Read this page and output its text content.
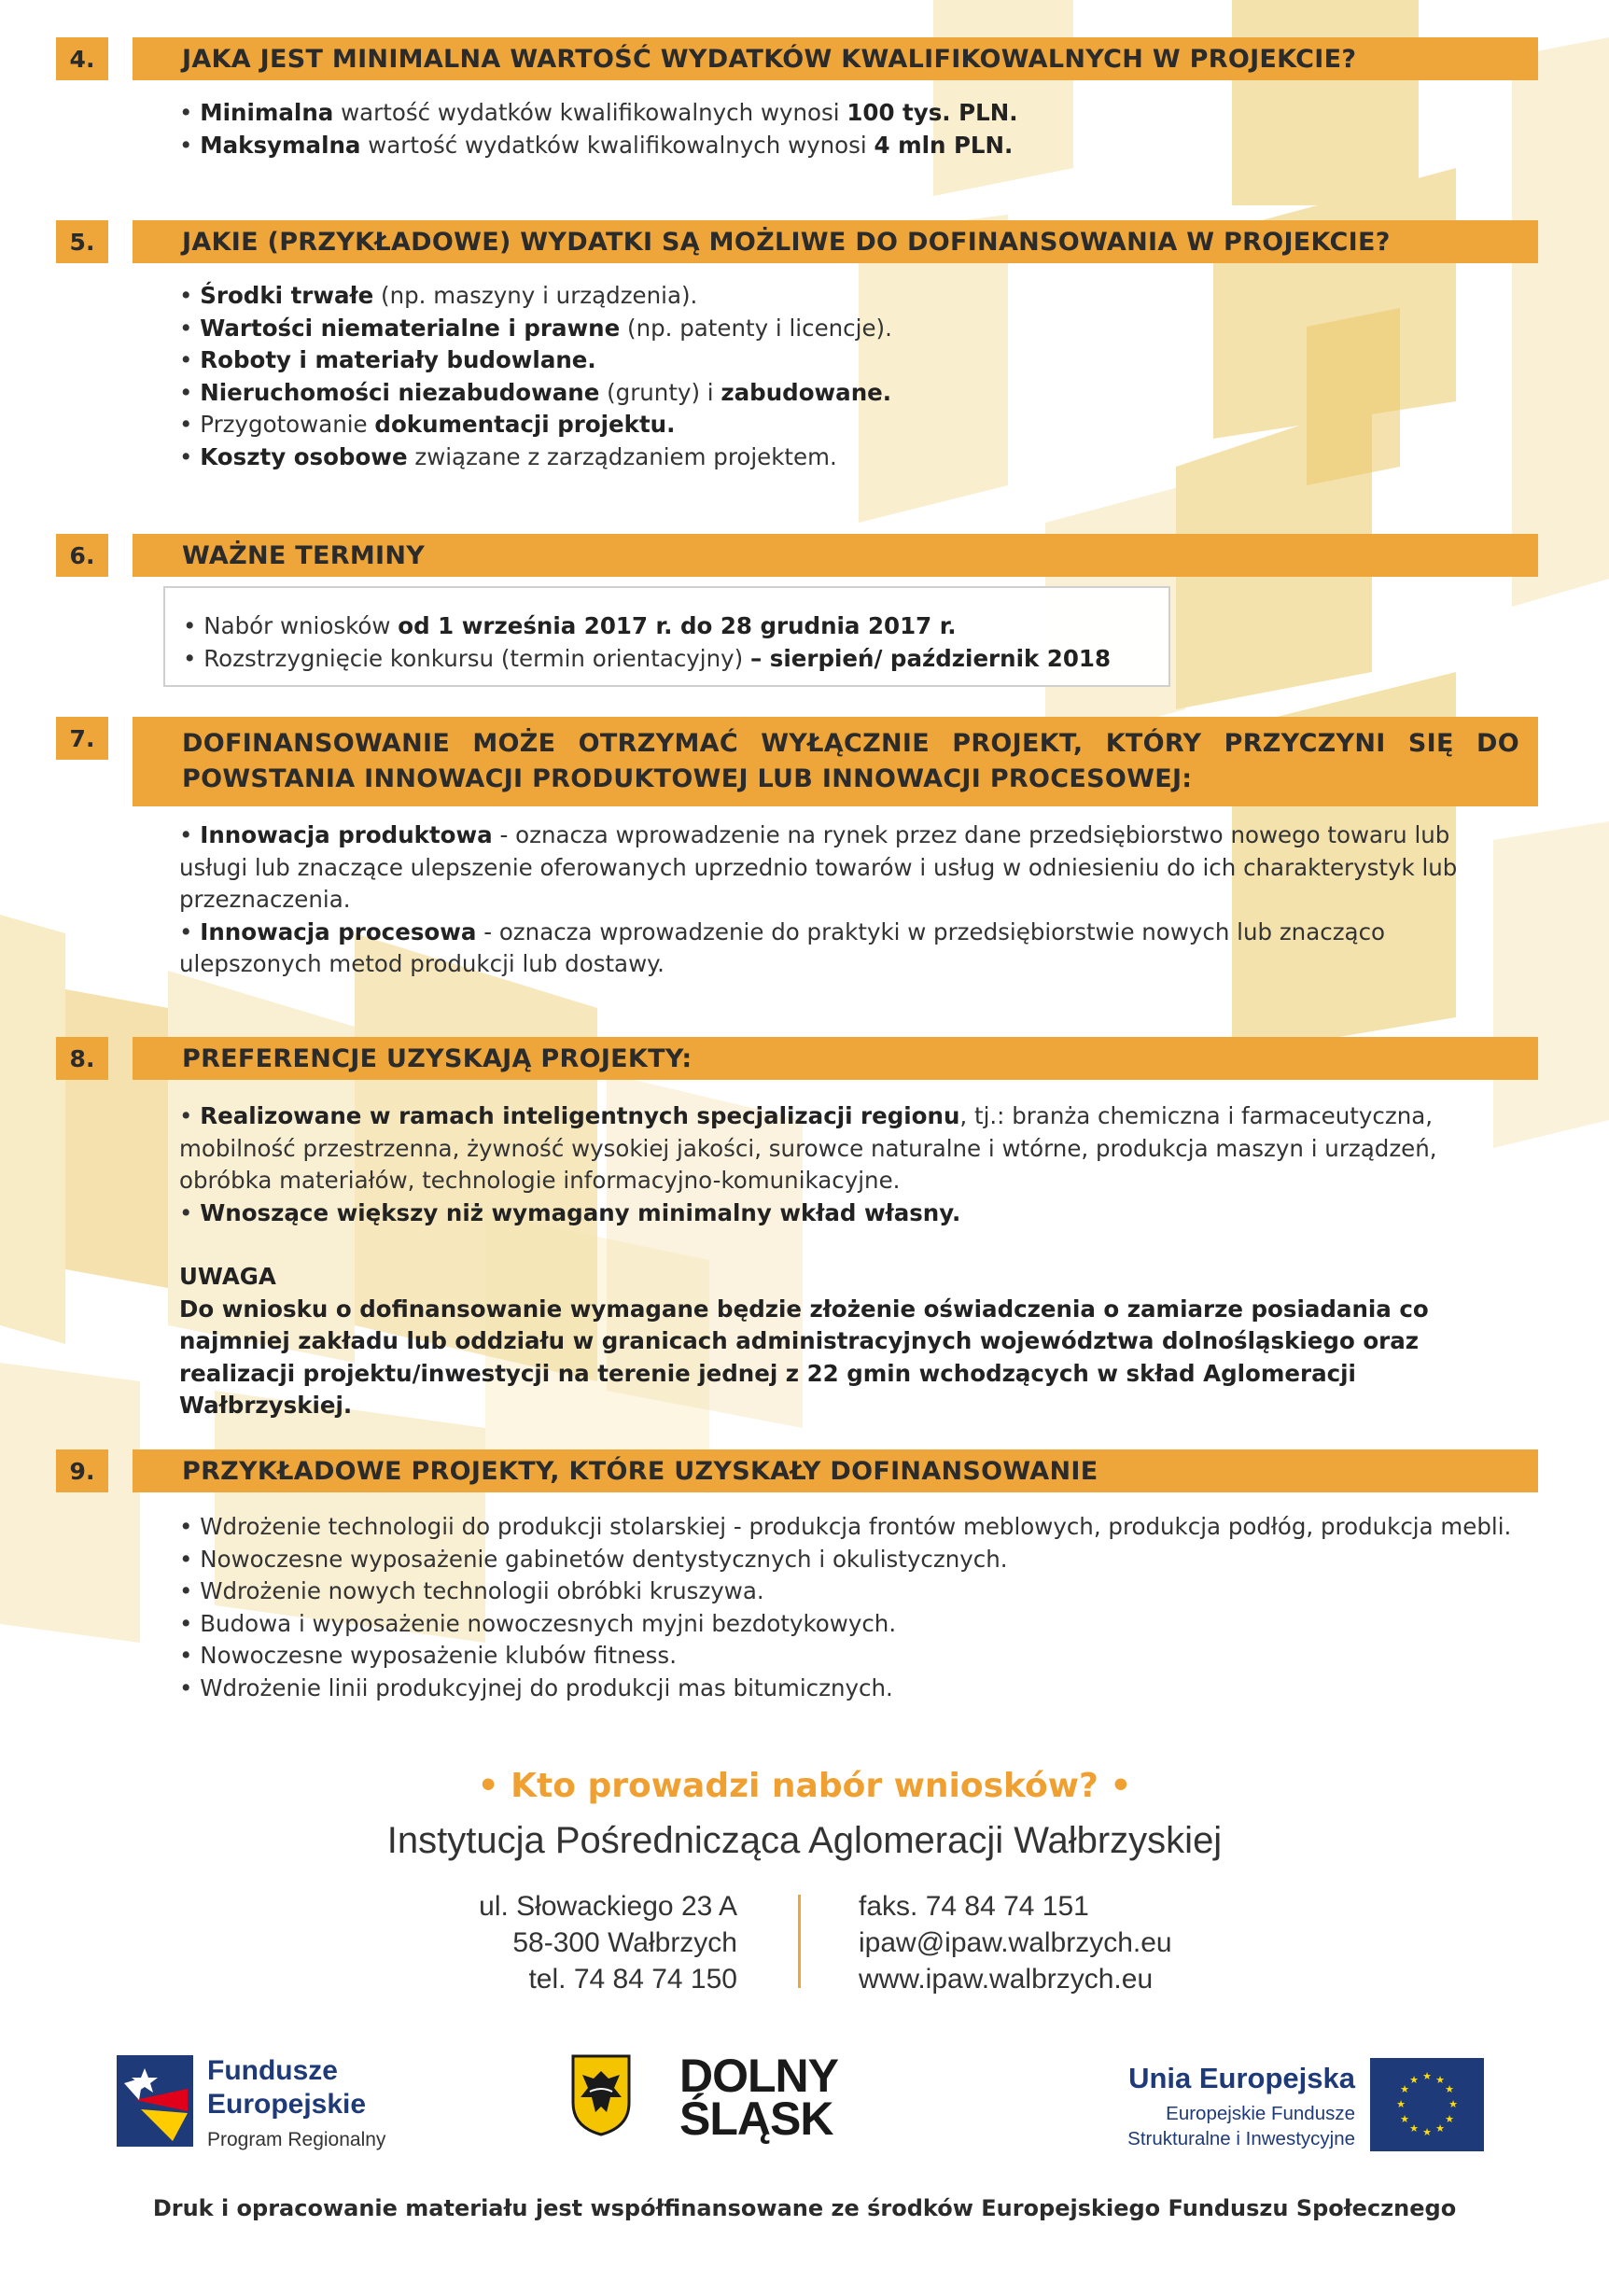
4.	JAKA JEST MINIMALNA WARTOŚĆ WYDATKÓW KWALIFIKOWALNYCH W PROJEKCIE?

• Minimalna wartość wydatków kwalifikowalnych wynosi 100 tys. PLN.

• Maksymalna wartość wydatków kwalifikowalnych wynosi 4 mln PLN.

5.	JAKIE (PRZYKŁADOWE) WYDATKI SĄ MOŻLIWE DO DOFINANSOWANIA W PROJEKCIE?

• Środki trwałe (np. maszyny i urządzenia).

• Wartości niematerialne i prawne (np. patenty i licencje).

• Roboty i materiały budowlane.

• Nieruchomości niezabudowane (grunty) i zabudowane.

• Przygotowanie dokumentacji projektu.

• Koszty osobowe związane z zarządzaniem projektem.

6.	WAŻNE TERMINY

• Nabór wniosków od 1 września 2017 r. do 28 grudnia 2017 r.

• Rozstrzygnięcie konkursu (termin orientacyjny) – sierpień/ październik 2018

7.	DOFINANSOWANIE MOŻE OTRZYMAĆ WYŁĄCZNIE PROJEKT, KTÓRY PRZYCZYNI SIĘ DO POWSTANIA INNOWACJI PRODUKTOWEJ LUB INNOWACJI PROCESOWEJ:

• Innowacja produktowa - oznacza wprowadzenie na rynek przez dane przedsiębiorstwo nowego towaru lub usługi lub znaczące ulepszenie oferowanych uprzednio towarów i usług w odniesieniu do ich charakterystyk lub przeznaczenia.

• Innowacja procesowa - oznacza wprowadzenie do praktyki w przedsiębiorstwie nowych lub znacząco ulepszonych metod produkcji lub dostawy.

8.	PREFERENCJE UZYSKAJĄ PROJEKTY:

• Realizowane w ramach inteligentnych specjalizacji regionu, tj.: branża chemiczna i farmaceutyczna, mobilność przestrzenna, żywność wysokiej jakości, surowce naturalne i wtórne, produkcja maszyn i urządzeń, obróbka materiałów, technologie informacyjno-komunikacyjne.

• Wnoszące większy niż wymagany minimalny wkład własny.

UWAGA

Do wniosku o dofinansowanie wymagane będzie złożenie oświadczenia o zamiarze posiadania co najmniej zakładu lub oddziału w granicach administracyjnych województwa dolnośląskiego oraz realizacji projektu/inwestycji na terenie jednej z 22 gmin wchodzących w skład Aglomeracji Wałbrzyskiej.

9.	PRZYKŁADOWE PROJEKTY, KTÓRE UZYSKAŁY DOFINANSOWANIE

• Wdrożenie technologii do produkcji stolarskiej - produkcja frontów meblowych, produkcja podłóg, produkcja mebli.

• Nowoczesne wyposażenie gabinetów dentystycznych i okulistycznych.

• Wdrożenie nowych technologii obróbki kruszywa.

• Budowa i wyposażenie nowoczesnych myjni bezdotykowych.

• Nowoczesne wyposażenie klubów fitness.

• Wdrożenie linii produkcyjnej do produkcji mas bitumicznych.

• Kto prowadzi nabór wniosków? •
Instytucja Pośrednicząca Aglomeracji Wałbrzyskiej
ul. Słowackiego 23 A
58-300 Wałbrzych
tel. 74 84 74 150
faks. 74 84 74 151
ipaw@ipaw.walbrzych.eu
www.ipaw.walbrzych.eu
Fundusze
Europejskie
Program Regionalny
DOLNY
ŚLĄSK
Unia Europejska
Europejskie Fundusze
Strukturalne i Inwestycyjne
★ ★
★
★
★
★
★
★
★
★
★
★
Druk i opracowanie materiału jest współfinansowane ze środków Europejskiego Funduszu Społecznego
